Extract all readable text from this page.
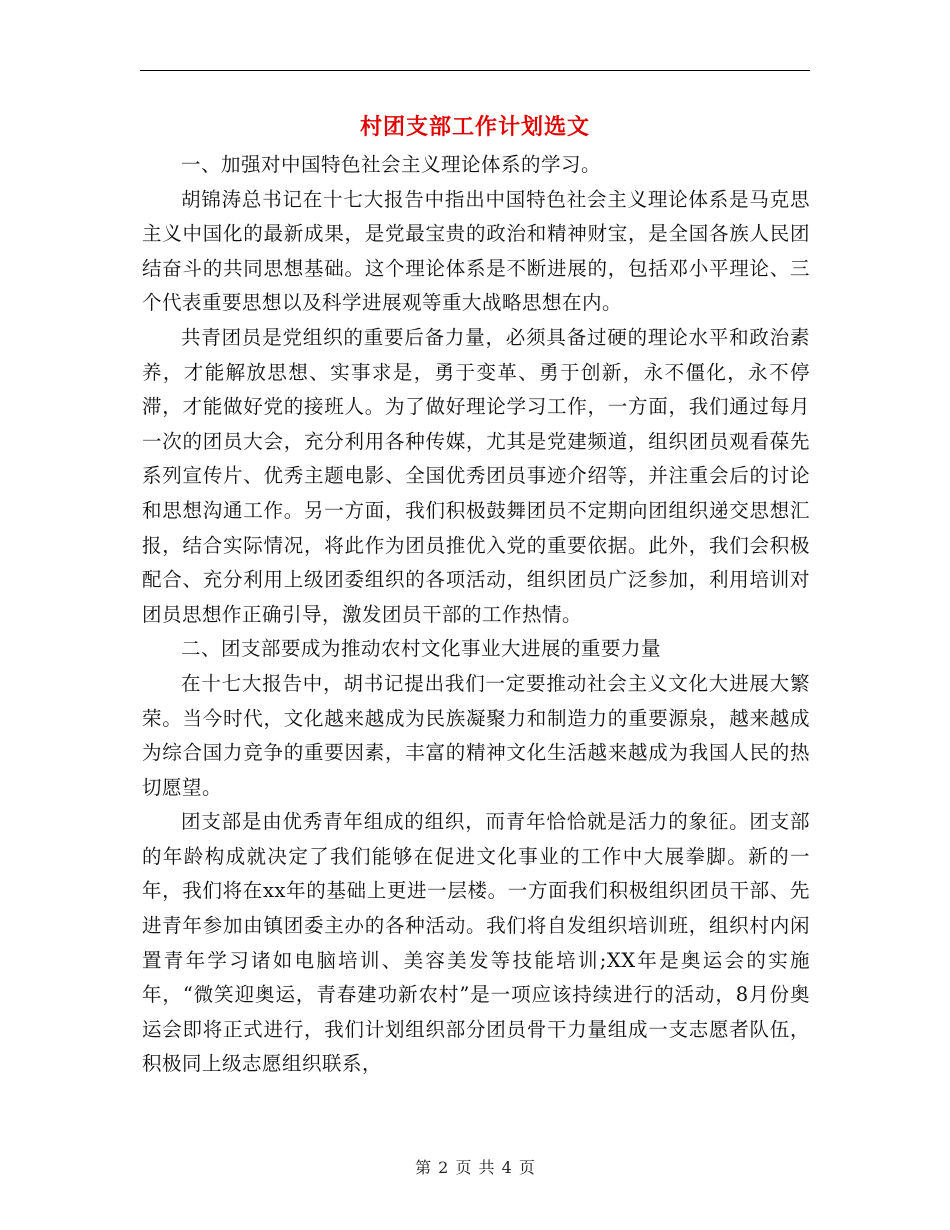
村团支部工作计划选文

一、加强对中国特色社会主义理论体系的学习。

胡锦涛总书记在十七大报告中指出中国特色社会主义理论体系是马克思主义中国化的最新成果，是党最宝贵的政治和精神财宝，是全国各族人民团结奋斗的共同思想基础。这个理论体系是不断进展的，包括邓小平理论、三个代表重要思想以及科学进展观等重大战略思想在内。

共青团员是党组织的重要后备力量，必须具备过硬的理论水平和政治素养，才能解放思想、实事求是，勇于变革、勇于创新，永不僵化，永不停滞，才能做好党的接班人。为了做好理论学习工作，一方面，我们通过每月一次的团员大会，充分利用各种传媒，尤其是党建频道，组织团员观看葆先系列宣传片、优秀主题电影、全国优秀团员事迹介绍等，并注重会后的讨论和思想沟通工作。另一方面，我们积极鼓舞团员不定期向团组织递交思想汇报，结合实际情况，将此作为团员推优入党的重要依据。此外，我们会积极配合、充分利用上级团委组织的各项活动，组织团员广泛参加，利用培训对团员思想作正确引导，激发团员干部的工作热情。

二、团支部要成为推动农村文化事业大进展的重要力量

在十七大报告中，胡书记提出我们一定要推动社会主义文化大进展大繁荣。当今时代，文化越来越成为民族凝聚力和制造力的重要源泉，越来越成为综合国力竞争的重要因素，丰富的精神文化生活越来越成为我国人民的热切愿望。

团支部是由优秀青年组成的组织，而青年恰恰就是活力的象征。团支部的年龄构成就决定了我们能够在促进文化事业的工作中大展拳脚。新的一年，我们将在xx年的基础上更进一层楼。一方面我们积极组织团员干部、先进青年参加由镇团委主办的各种活动。我们将自发组织培训班，组织村内闲置青年学习诸如电脑培训、美容美发等技能培训;XX年是奥运会的实施年，“微笑迎奥运，青春建功新农村”是一项应该持续进行的活动，8月份奥运会即将正式进行，我们计划组织部分团员骨干力量组成一支志愿者队伍，积极同上级志愿组织联系，

第 2 页 共 4 页
